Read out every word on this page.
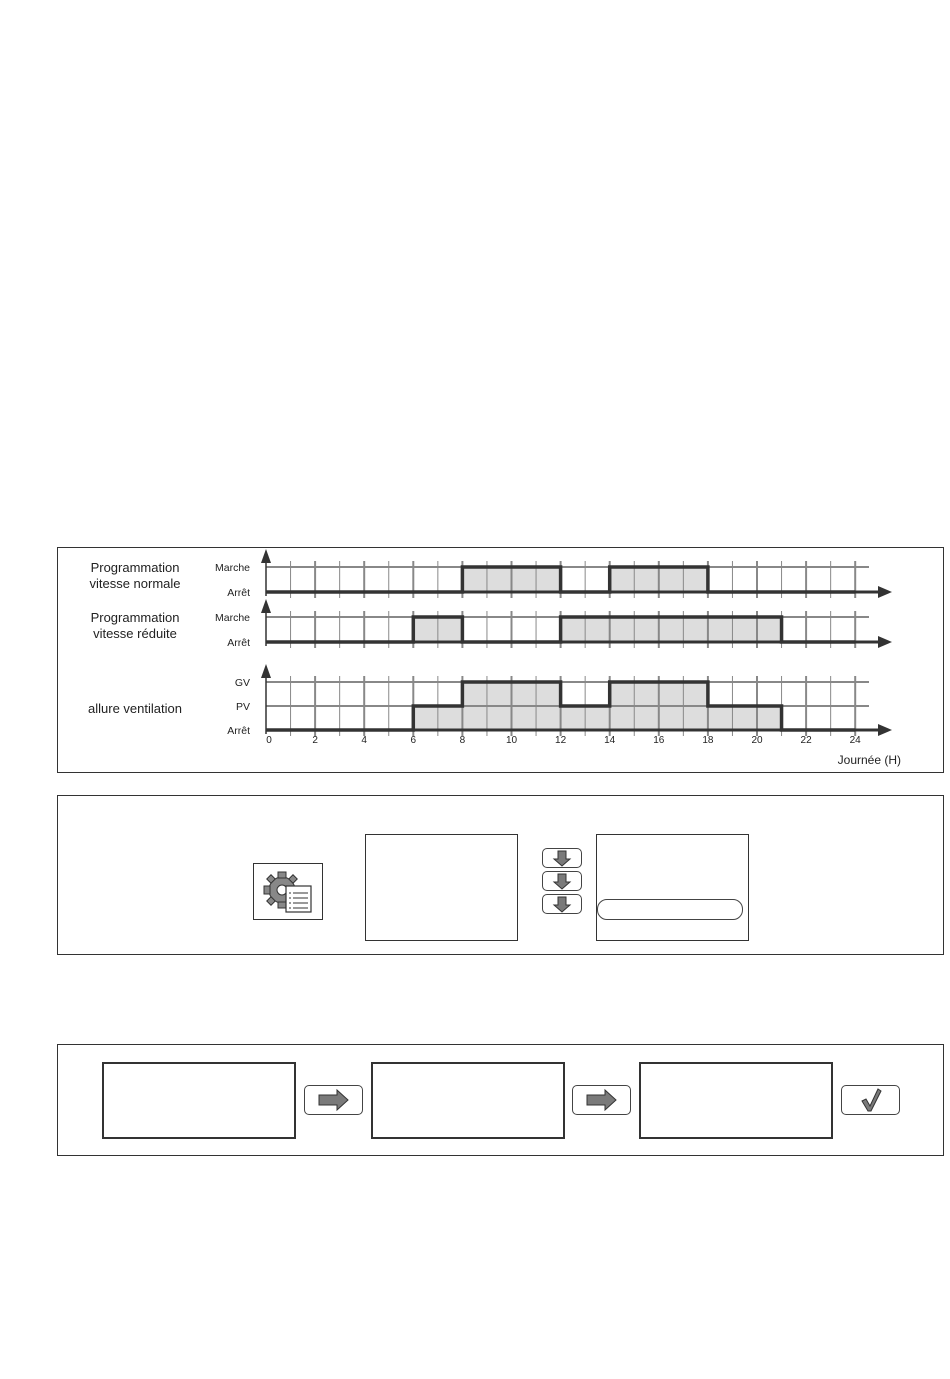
Arrêt
Marche
Programmation
vitesse normale
Arrêt
Marche
Programmation
vitesse réduite
Arrêt
PV
GV
allure ventilation
0	2	4	6	8	10	12	14	16	18	20	22	24
Journée (H)
